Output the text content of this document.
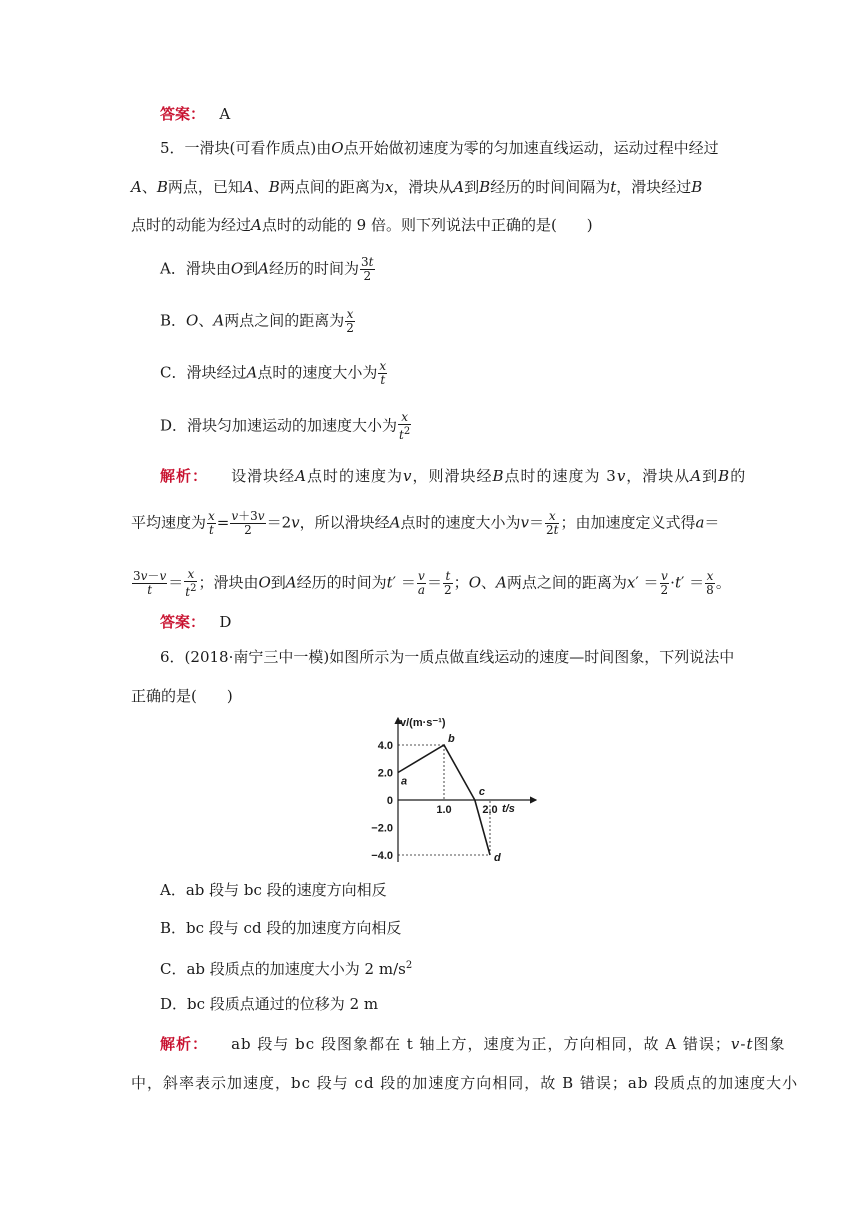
答案： A
5．一滑块(可看作质点)由O点开始做初速度为零的匀加速直线运动，运动过程中经过
A、B两点，已知A、B两点间的距离为x，滑块从A到B经历的时间间隔为t，滑块经过B
点时的动能为经过A点时的动能的 9 倍。则下列说法中正确的是(　　)
A．滑块由O到A经历的时间为 $\frac{3t}{2}$
B．O、A两点之间的距离为 $\frac{x}{2}$
C．滑块经过A点时的速度大小为 $\frac{x}{t}$
D．滑块匀加速运动的加速度大小为 $\frac{x}{t^2}$
解析： 设滑块经A点时的速度为v，则滑块经B点时的速度为 3v，滑块从A到B的
平均速度为 $\frac{x}{t} = \frac{v+3v}{2} =2v$，所以滑块经A点时的速度大小为$v= \frac{x}{2t}$ ；由加速度定义式得a＝
$\frac{3v-v}{t} = \frac{x}{t^2}$ ；滑块由O到A经历的时间为$t' = \frac{v}{a} = \frac{t}{2}$ ；O、A两点之间的距离为$x' = \frac{v}{2} \cdot t' = \frac{x}{8}$ 。
答案： D
6．(2018·南宁三中一模)如图所示为一质点做直线运动的速度—时间图象，下列说法中
正确的是(　　)
4.0
2.0
0
−2.0
−4.0
1.0	2.0
a
b
c
d
v/(m·s⁻¹)
t/s
A．ab 段与 bc 段的速度方向相反
B．bc 段与 cd 段的加速度方向相反
C．ab 段质点的加速度大小为 2 $m/s^2$
D．bc 段质点通过的位移为 2 m
解析： ab 段与 bc 段图象都在 t 轴上方，速度为正，方向相同，故 A 错误；v-t图象
中，斜率表示加速度，bc 段与 cd 段的加速度方向相同，故 B 错误；ab 段质点的加速度大小
